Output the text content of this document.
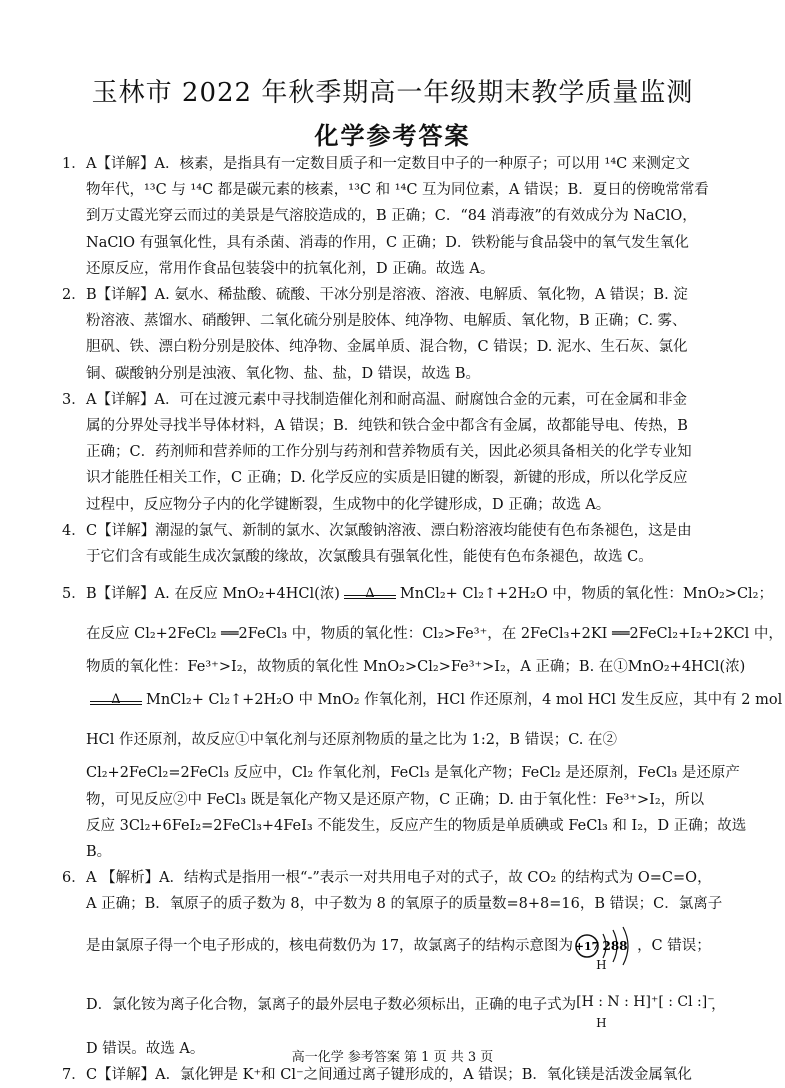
玉林市 2022 年秋季期高一年级期末教学质量监测
化学参考答案
1． A【详解】A．核素，是指具有一定数目质子和一定数目中子的一种原子；可以用 ¹⁴C 来测定文

物年代，¹³C 与 ¹⁴C 都是碳元素的核素，¹³C 和 ¹⁴C 互为同位素，A 错误；B．夏日的傍晚常常看

到万丈霞光穿云而过的美景是气溶胶造成的，B 正确；C．“84 消毒液”的有效成分为 NaClO，

NaClO 有强氧化性，具有杀菌、消毒的作用，C 正确；D．铁粉能与食品袋中的氧气发生氧化

还原反应，常用作食品包装袋中的抗氧化剂，D 正确。故选 A。

2． B【详解】A. 氨水、稀盐酸、硫酸、干冰分别是溶液、溶液、电解质、氧化物，A 错误；B. 淀

粉溶液、蒸馏水、硝酸钾、二氧化硫分别是胶体、纯净物、电解质、氧化物，B 正确；C. 雾、

胆矾、铁、漂白粉分别是胶体、纯净物、金属单质、混合物，C 错误；D. 泥水、生石灰、氯化

铜、碳酸钠分别是浊液、氧化物、盐、盐，D 错误，故选 B。

3． A【详解】A．可在过渡元素中寻找制造催化剂和耐高温、耐腐蚀合金的元素，可在金属和非金

属的分界处寻找半导体材料，A 错误；B．纯铁和铁合金中都含有金属，故都能导电、传热，B

正确；C．药剂师和营养师的工作分别与药剂和营养物质有关，因此必须具备相关的化学专业知

识才能胜任相关工作，C 正确；D. 化学反应的实质是旧键的断裂，新键的形成，所以化学反应

过程中，反应物分子内的化学键断裂，生成物中的化学键形成，D 正确；故选 A。

4． C【详解】潮湿的氯气、新制的氯水、次氯酸钠溶液、漂白粉溶液均能使有色布条褪色，这是由

于它们含有或能生成次氯酸的缘故，次氯酸具有强氧化性，能使有色布条褪色，故选 C。

5． B【详解】A. 在反应 MnO₂+4HCl(浓)	Δ	MnCl₂+ Cl₂↑+2H₂O 中，物质的氧化性：MnO₂>Cl₂；

在反应 Cl₂+2FeCl₂ ══2FeCl₃ 中，物质的氧化性：Cl₂>Fe³⁺，在 2FeCl₃+2KI ══2FeCl₂+I₂+2KCl 中，

物质的氧化性：Fe³⁺>I₂，故物质的氧化性 MnO₂>Cl₂>Fe³⁺>I₂，A 正确；B. 在①MnO₂+4HCl(浓)

Δ	MnCl₂+ Cl₂↑+2H₂O 中 MnO₂ 作氧化剂，HCl 作还原剂，4 mol HCl 发生反应，其中有 2 mol

HCl 作还原剂，故反应①中氧化剂与还原剂物质的量之比为 1:2，B 错误；C. 在②

Cl₂+2FeCl₂=2FeCl₃ 反应中，Cl₂ 作氧化剂，FeCl₃ 是氧化产物；FeCl₂ 是还原剂，FeCl₃ 是还原产

物，可见反应②中 FeCl₃ 既是氧化产物又是还原产物，C 正确；D. 由于氧化性：Fe³⁺>I₂，所以

反应 3Cl₂+6FeI₂=2FeCl₃+4FeI₃ 不能发生，反应产生的物质是单质碘或 FeCl₃ 和 I₂，D 正确；故选

B。

6． A 【解析】A．结构式是指用一根“-”表示一对共用电子对的式子，故 CO₂ 的结构式为 O=C=O，

A 正确；B．氧原子的质子数为 8，中子数为 8 的氧原子的质量数=8+8=16，B 错误；C．氯离子

是由氯原子得一个电子形成的，核电荷数仍为 17，故氯离子的结构示意图为 +17 288 ，C 错误；

D．氯化铵为离子化合物，氯离子的最外层电子数必须标出，正确的电子式为
H
[H : N : H]⁺[ : Cl :]⁻
H
，

D 错误。故选 A。

7． C【详解】A．氯化钾是 K⁺和 Cl⁻之间通过离子键形成的，A 错误；B．氧化镁是活泼金属氧化

高一化学 参考答案 第 1 页 共 3 页
